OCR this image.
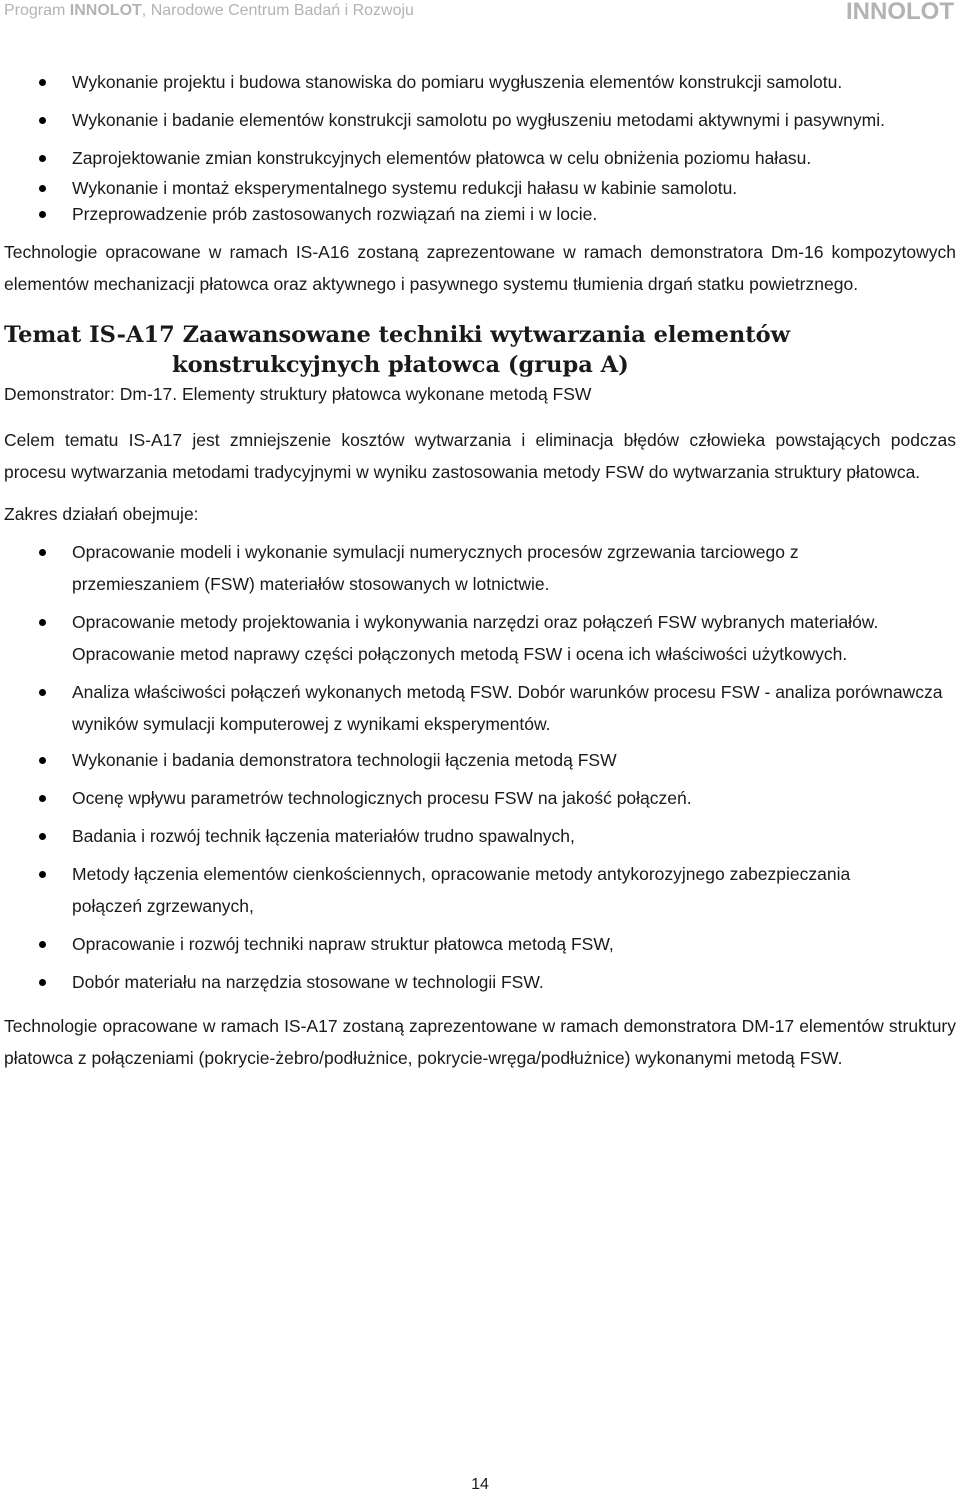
Program INNOLOT, Narodowe Centrum Badań i Rozwoju	INNOLOT
Wykonanie projektu i budowa stanowiska do pomiaru wygłuszenia elementów konstrukcji samolotu.
Wykonanie i badanie elementów konstrukcji samolotu po wygłuszeniu metodami aktywnymi i pasywnymi.
Zaprojektowanie zmian konstrukcyjnych elementów płatowca w celu obniżenia poziomu hałasu.
Wykonanie i montaż eksperymentalnego systemu redukcji hałasu w kabinie samolotu.
Przeprowadzenie prób zastosowanych rozwiązań na ziemi i w locie.

Technologie opracowane w ramach IS-A16 zostaną zaprezentowane w ramach demonstratora Dm-16 kompozytowych elementów mechanizacji płatowca oraz aktywnego i pasywnego systemu tłumienia drgań statku powietrznego.

Temat IS-A17 Zaawansowane techniki wytwarzania elementów
konstrukcyjnych płatowca (grupa A)

Demonstrator: Dm-17. Elementy struktury płatowca wykonane metodą FSW

Celem tematu IS-A17 jest zmniejszenie kosztów wytwarzania i eliminacja błędów człowieka powstających podczas procesu wytwarzania metodami tradycyjnymi w wyniku zastosowania metody FSW do wytwarzania struktury płatowca.

Zakres działań obejmuje:

Opracowanie modeli i wykonanie symulacji numerycznych procesów zgrzewania tarciowego z przemieszaniem (FSW) materiałów stosowanych w lotnictwie.
Opracowanie metody projektowania i wykonywania narzędzi oraz połączeń FSW wybranych materiałów. Opracowanie metod naprawy części połączonych metodą FSW i ocena ich właściwości użytkowych.
Analiza właściwości połączeń wykonanych metodą FSW. Dobór warunków procesu FSW - analiza porównawcza wyników symulacji komputerowej z wynikami eksperymentów.
Wykonanie i badania demonstratora technologii łączenia metodą FSW
Ocenę wpływu parametrów technologicznych procesu FSW na jakość połączeń.
Badania i rozwój technik łączenia materiałów trudno spawalnych,
Metody łączenia elementów cienkościennych, opracowanie metody antykorozyjnego zabezpieczania połączeń zgrzewanych,
Opracowanie i rozwój techniki napraw struktur płatowca metodą FSW,
Dobór materiału na narzędzia stosowane w technologii FSW.

Technologie opracowane w ramach IS-A17 zostaną zaprezentowane w ramach demonstratora DM-17 elementów struktury płatowca z połączeniami (pokrycie-żebro/podłużnice, pokrycie-wręga/podłużnice) wykonanymi metodą FSW.

14
